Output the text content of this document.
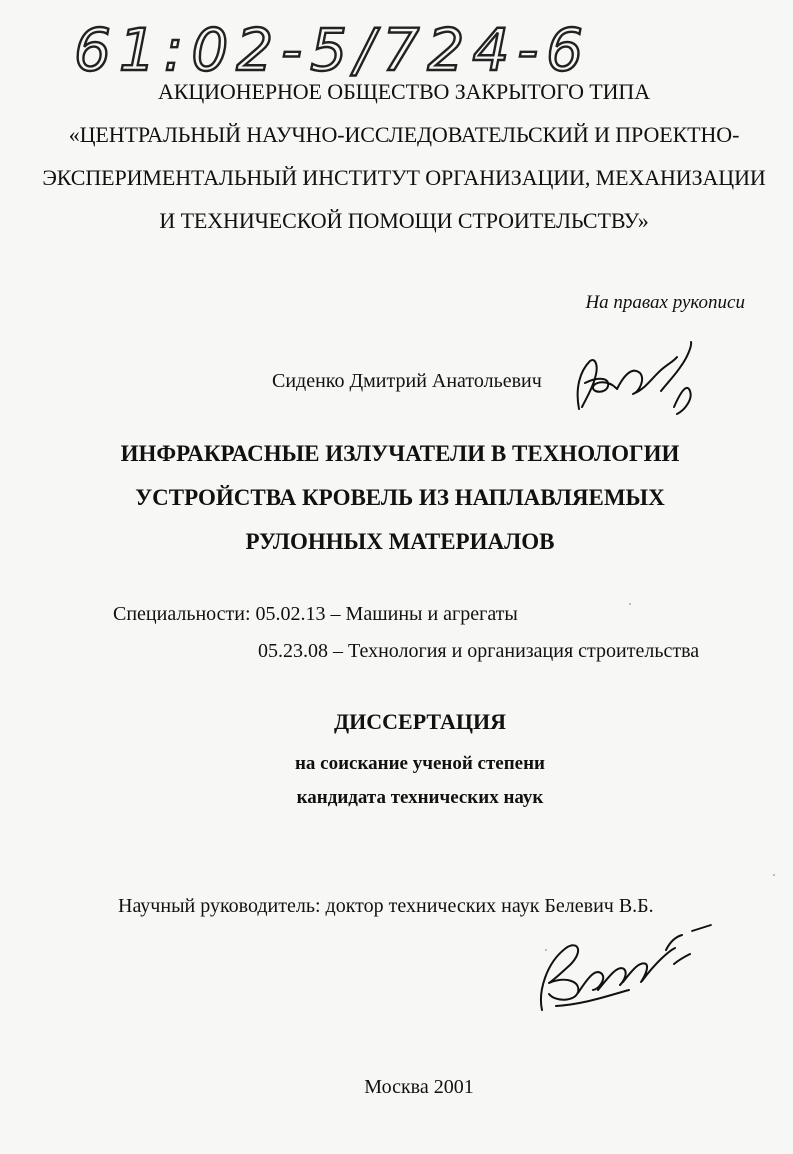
61:02-5/724-6
АКЦИОНЕРНОЕ ОБЩЕСТВО ЗАКРЫТОГО ТИПА
«ЦЕНТРАЛЬНЫЙ НАУЧНО-ИССЛЕДОВАТЕЛЬСКИЙ И ПРОЕКТНО-
ЭКСПЕРИМЕНТАЛЬНЫЙ ИНСТИТУТ ОРГАНИЗАЦИИ, МЕХАНИЗАЦИИ
И ТЕХНИЧЕСКОЙ ПОМОЩИ СТРОИТЕЛЬСТВУ»
На правах рукописи
Сиденко Дмитрий Анатольевич
ИНФРАКРАСНЫЕ ИЗЛУЧАТЕЛИ В ТЕХНОЛОГИИ
УСТРОЙСТВА КРОВЕЛЬ ИЗ НАПЛАВЛЯЕМЫХ
РУЛОННЫХ МАТЕРИАЛОВ
Специальности: 05.02.13 – Машины и агрегаты
05.23.08 – Технология и организация строительства
ДИССЕРТАЦИЯ
на соискание ученой степени
кандидата технических наук
Научный руководитель: доктор технических наук Белевич В.Б.
Москва 2001
